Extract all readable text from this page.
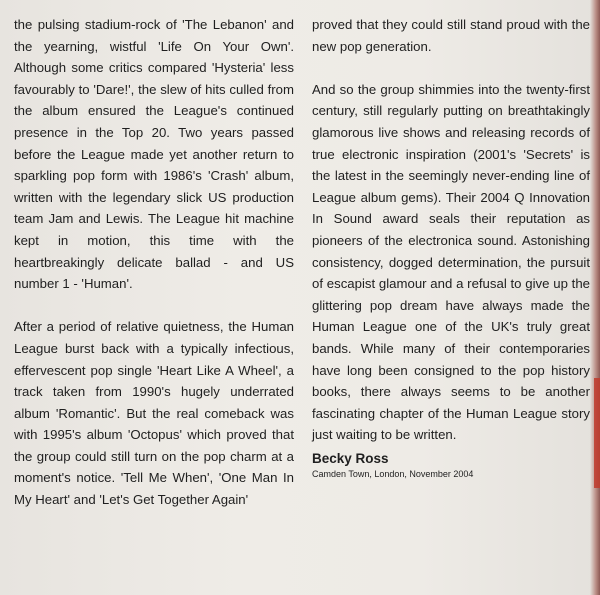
the pulsing stadium-rock of 'The Lebanon' and the yearning, wistful 'Life On Your Own'. Although some critics compared 'Hysteria' less favourably to 'Dare!', the slew of hits culled from the album ensured the League's continued presence in the Top 20. Two years passed before the League made yet another return to sparkling pop form with 1986's 'Crash' album, written with the legendary slick US production team Jam and Lewis. The League hit machine kept in motion, this time with the heartbreakingly delicate ballad - and US number 1 - 'Human'.

After a period of relative quietness, the Human League burst back with a typically infectious, effervescent pop single 'Heart Like A Wheel', a track taken from 1990's hugely underrated album 'Romantic'. But the real comeback was with 1995's album 'Octopus' which proved that the group could still turn on the pop charm at a moment's notice. 'Tell Me When', 'One Man In My Heart' and 'Let's Get Together Again'

proved that they could still stand proud with the new pop generation.

And so the group shimmies into the twenty-first century, still regularly putting on breathtakingly glamorous live shows and releasing records of true electronic inspiration (2001's 'Secrets' is the latest in the seemingly never-ending line of League album gems). Their 2004 Q Innovation In Sound award seals their reputation as pioneers of the electronica sound. Astonishing consistency, dogged determination, the pursuit of escapist glamour and a refusal to give up the glittering pop dream have always made the Human League one of the UK's truly great bands. While many of their contemporaries have long been consigned to the pop history books, there always seems to be another fascinating chapter of the Human League story just waiting to be written.

Becky Ross
Camden Town, London, November 2004
